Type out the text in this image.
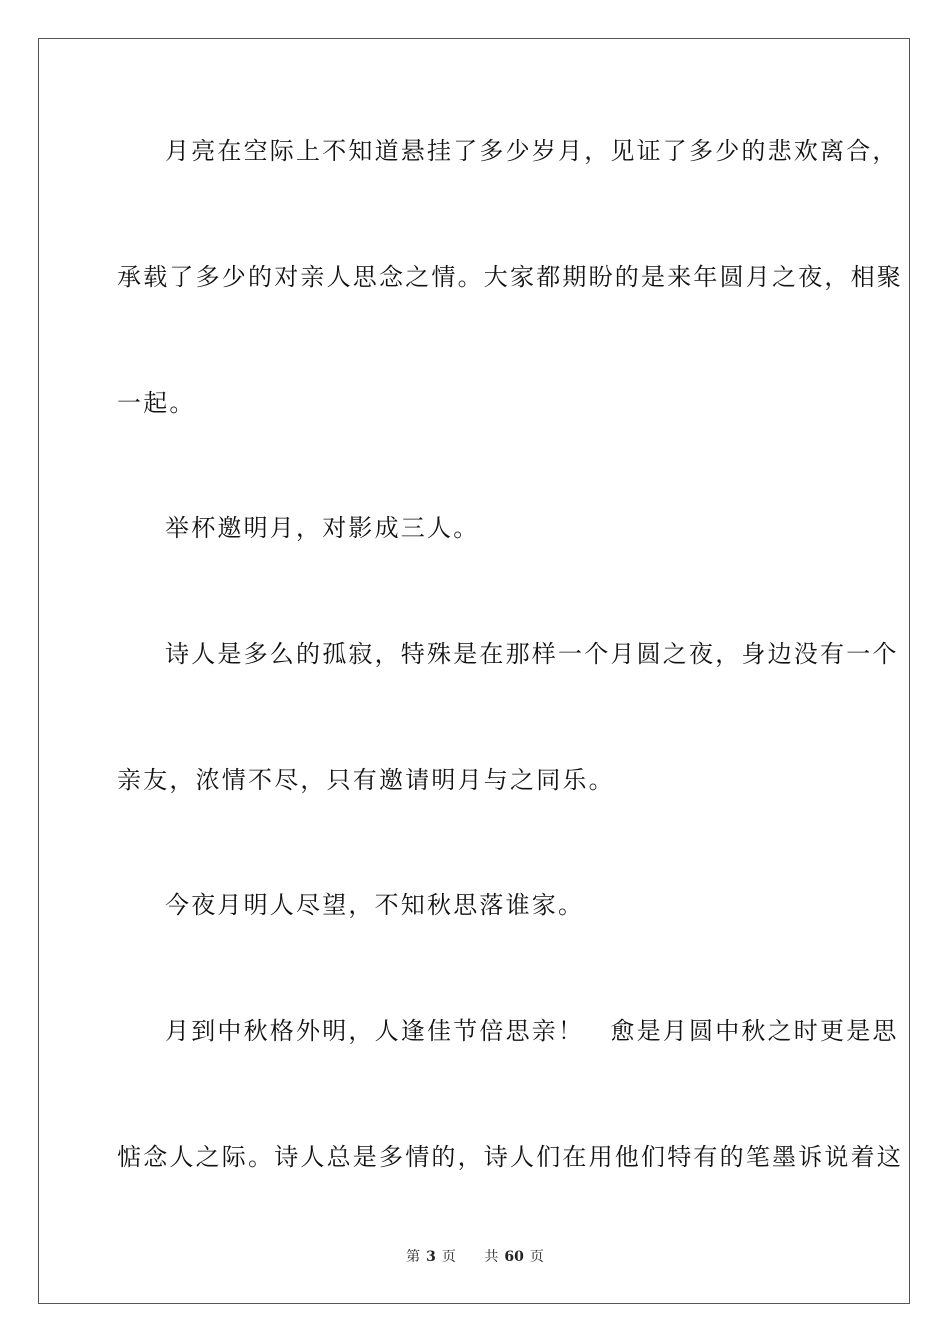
月亮在空际上不知道悬挂了多少岁月，见证了多少的悲欢离合，
承载了多少的对亲人思念之情。大家都期盼的是来年圆月之夜，相聚
一起。
举杯邀明月，对影成三人。
诗人是多么的孤寂，特殊是在那样一个月圆之夜，身边没有一个
亲友，浓情不尽，只有邀请明月与之同乐。
今夜月明人尽望，不知秋思落谁家。
月到中秋格外明，人逢佳节倍思亲！　愈是月圆中秋之时更是思
惦念人之际。诗人总是多情的，诗人们在用他们特有的笔墨诉说着这
第 3 页 共 60 页
